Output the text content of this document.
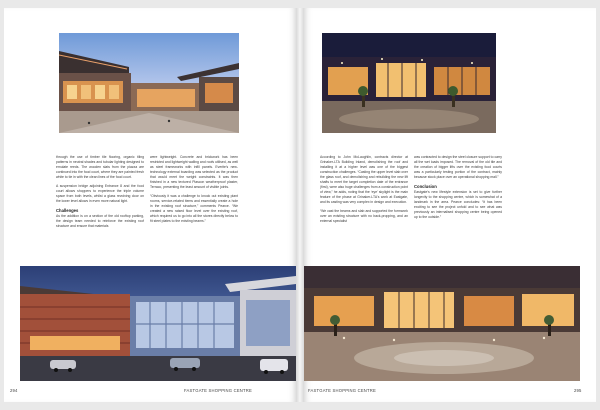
through the use of timber tile flooring, organic tiling patterns in neutral shades and tubular lighting designed to emulate reeds. The wooden slats from the piazza are continued into the food court, where they are painted fresh white to tie in with the clean lines of the food court.

A suspension bridge adjoining Entrance 8 and the food court allows shoppers to experience the triple volume space from both levels, whilst a glass revolving door on the lower level allows in even more natural light.

Challenges

As the addition is on a section of the old rooftop parking, the design team needed to reinforce the existing roof structure and ensure that materials

were lightweight. Concrete and brickwork has been restricted and lightweight walling and roofs utilised, as well as steel frameworks with infill panels. Everite's new-technology external boarding was selected as the product that would meet the weight constraints. It was then finished in a new textured Plascon weatherproof plaster, Terraco, presenting the least amount of visible joints.

“Obviously it was a challenge to knock out existing plant rooms, service-related items and essentially create a hole in the existing roof structure,” comments Pearce. “We created a new raised floor level over the existing roof, which required us to go into all the stores directly below to fit steel plates to the existing beams.”

294	FASTGATE SHOPPING CENTRE

According to John McLaughlin, contracts director at Grinaker-LTA Building Inland, demolishing the roof and installing it at a higher level was one of the biggest construction challenges. “Casting the upper level slab over the glass roof, and demolishing and rebuilding the new lift shafts to meet the target completion date of the entrance (first), were also huge challenges from a construction point of view,” he adds, noting that the ‘eye’ skylight is the main feature of the phase at Grinaker-LTA's work at Eastgate, and its casting was very complex in design and execution.

“We cast the beams and slab and supported the formwork over an existing structure with no back-propping, and an external specialist

was contracted to design the steel closure support to carry all the wet loads imposed. The removal of the old tile and the creation of bigger lifts over the existing food courts was a particularly testing portion of the contract, mainly because stock place over an operational shopping mall.”

Conclusion

Eastgate's new lifestyle extension is set to give further longevity to the shopping centre, which is somewhat of a landmark in the area. Pearce concludes: “It has been exciting to see the project unfold and to see what was previously an internalised shopping centre being opened up to the outside.”

FASTGATE SHOPPING CENTRE	295
